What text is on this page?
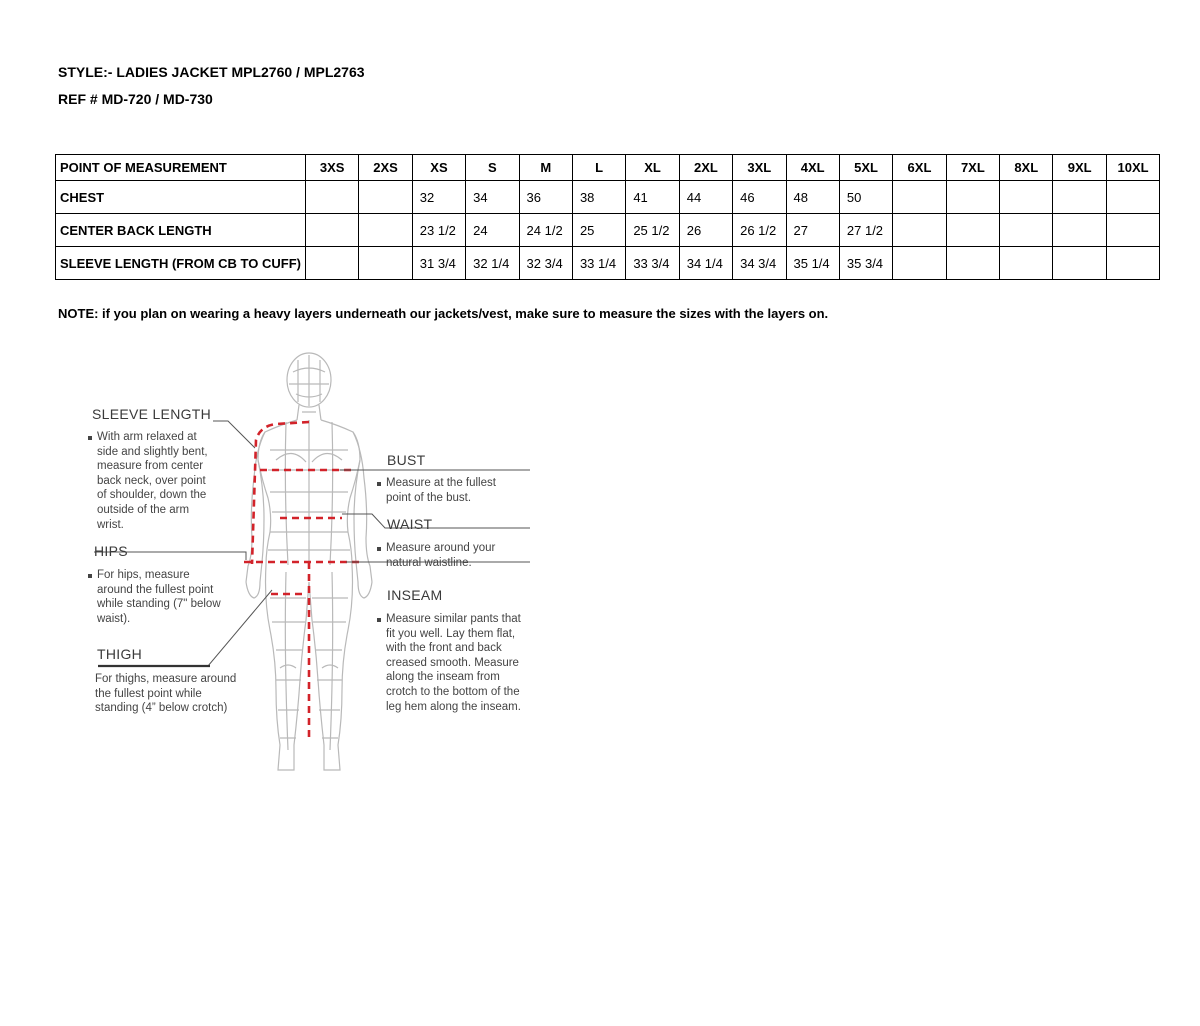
STYLE:- LADIES JACKET MPL2760 / MPL2763
REF # MD-720 / MD-730
POINT OF MEASUREMENT	3XS	2XS	XS	S	M	L	XL	2XL	3XL	4XL	5XL	6XL	7XL	8XL	9XL	10XL
CHEST			32	34	36	38	41	44	46	48	50					
CENTER BACK LENGTH			23 1/2	24	24 1/2	25	25 1/2	26	26 1/2	27	27 1/2					
SLEEVE LENGTH (FROM CB TO CUFF)			31 3/4	32 1/4	32 3/4	33 1/4	33 3/4	34 1/4	34 3/4	35 1/4	35 3/4					
NOTE: if you plan on wearing a heavy layers underneath our jackets/vest, make sure to measure the sizes with the layers on.
SLEEVE LENGTH
With arm relaxed at side and slightly bent, measure from center back neck, over point of shoulder, down the outside of the arm wrist.
HIPS
For hips, measure around the fullest point while standing (7" below waist).
THIGH
For thighs, measure around the fullest point while standing (4” below crotch)
BUST
Measure at the fullest point of the bust.
WAIST
Measure around your natural waistline.
INSEAM
Measure similar pants that fit you well. Lay them flat, with the front and back creased smooth. Measure along the inseam from crotch to the bottom of the leg hem along the inseam.
